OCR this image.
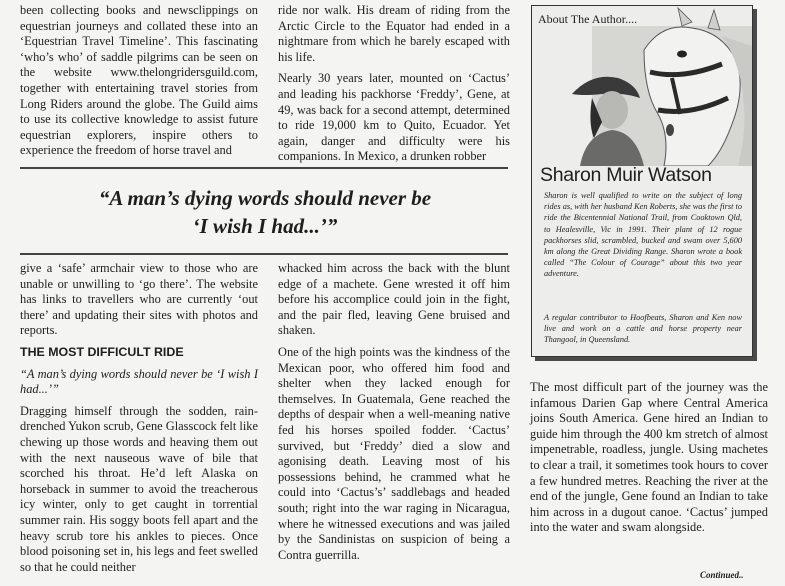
been collecting books and newsclippings on equestrian journeys and collated these into an ‘Equestrian Travel Timeline’. This fascinating ‘who’s who’ of saddle pilgrims can be seen on the website www.thelongridersguild.com, together with entertaining travel stories from Long Riders around the globe. The Guild aims to use its collective knowledge to assist future equestrian explorers, inspire others to experience the freedom of horse travel and

ride nor walk. His dream of riding from the Arctic Circle to the Equator had ended in a nightmare from which he barely escaped with his life.

Nearly 30 years later, mounted on ‘Cactus’ and leading his packhorse ‘Freddy’, Gene, at 49, was back for a second attempt, determined to ride 19,000 km to Quito, Ecuador. Yet again, danger and difficulty were his companions. In Mexico, a drunken robber

“A man’s dying words should never be
‘I wish I had...’”

give a ‘safe’ armchair view to those who are unable or unwilling to ‘go there’. The website has links to travellers who are currently ‘out there’ and updating their sites with photos and reports.

THE MOST DIFFICULT RIDE

“A man’s dying words should never be ‘I wish I had...’”

Dragging himself through the sodden, rain-drenched Yukon scrub, Gene Glasscock felt like chewing up those words and heaving them out with the next nauseous wave of bile that scorched his throat. He’d left Alaska on horseback in summer to avoid the treacherous icy winter, only to get caught in torrential summer rain. His soggy boots fell apart and the heavy scrub tore his ankles to pieces. Once blood poisoning set in, his legs and feet swelled so that he could neither

whacked him across the back with the blunt edge of a machete. Gene wrested it off him before his accomplice could join in the fight, and the pair fled, leaving Gene bruised and shaken.

One of the high points was the kindness of the Mexican poor, who offered him food and shelter when they lacked enough for themselves. In Guatemala, Gene reached the depths of despair when a well-meaning native fed his horses spoiled fodder. ‘Cactus’ survived, but ‘Freddy’ died a slow and agonising death. Leaving most of his possessions behind, he crammed what he could into ‘Cactus’s’ saddlebags and headed south; right into the war raging in Nicaragua, where he witnessed executions and was jailed by the Sandinistas on suspicion of being a Contra guerrilla.

About The Author....

Sharon Muir Watson

Sharon is well qualified to write on the subject of long rides as, with her husband Ken Roberts, she was the first to ride the Bicentennial National Trail, from Cooktown Qld, to Healesville, Vic in 1991. Their plant of 12 rogue packhorses slid, scrambled, bucked and swam over 5,600 km along the Great Dividing Range. Sharon wrote a book called “The Colour of Courage” about this two year adventure.

A regular contributor to Hoofbeats, Sharon and Ken now live and work on a cattle and horse property near Thangool, in Queensland.

The most difficult part of the journey was the infamous Darien Gap where Central America joins South America. Gene hired an Indian to guide him through the 400 km stretch of almost impenetrable, roadless, jungle. Using machetes to clear a trail, it sometimes took hours to cover a few hundred metres. Reaching the river at the end of the jungle, Gene found an Indian to take him across in a dugout canoe. ‘Cactus’ jumped into the water and swam alongside.

Continued..
